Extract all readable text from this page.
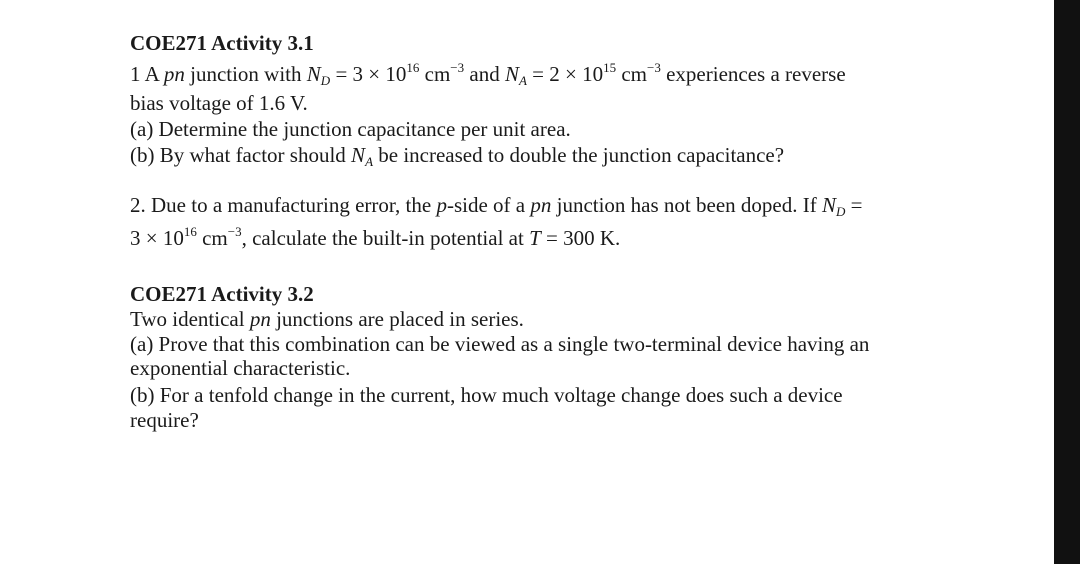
COE271 Activity 3.1
1 A pn junction with ND = $3 \times 10^{16}$ $cm^{-3}$ and NA = $2 \times 10^{15}$ $cm^{-3}$ experiences a reverse
bias voltage of 1.6 V.
(a) Determine the junction capacitance per unit area.
(b) By what factor should NA be increased to double the junction capacitance?
2. Due to a manufacturing error, the p-side of a pn junction has not been doped. If ND =
$3 \times 10^{16}$ $cm^{-3}$, calculate the built-in potential at T = 300 K.
COE271 Activity 3.2
Two identical pn junctions are placed in series.
(a) Prove that this combination can be viewed as a single two-terminal device having an
exponential characteristic.
(b) For a tenfold change in the current, how much voltage change does such a device
require?
